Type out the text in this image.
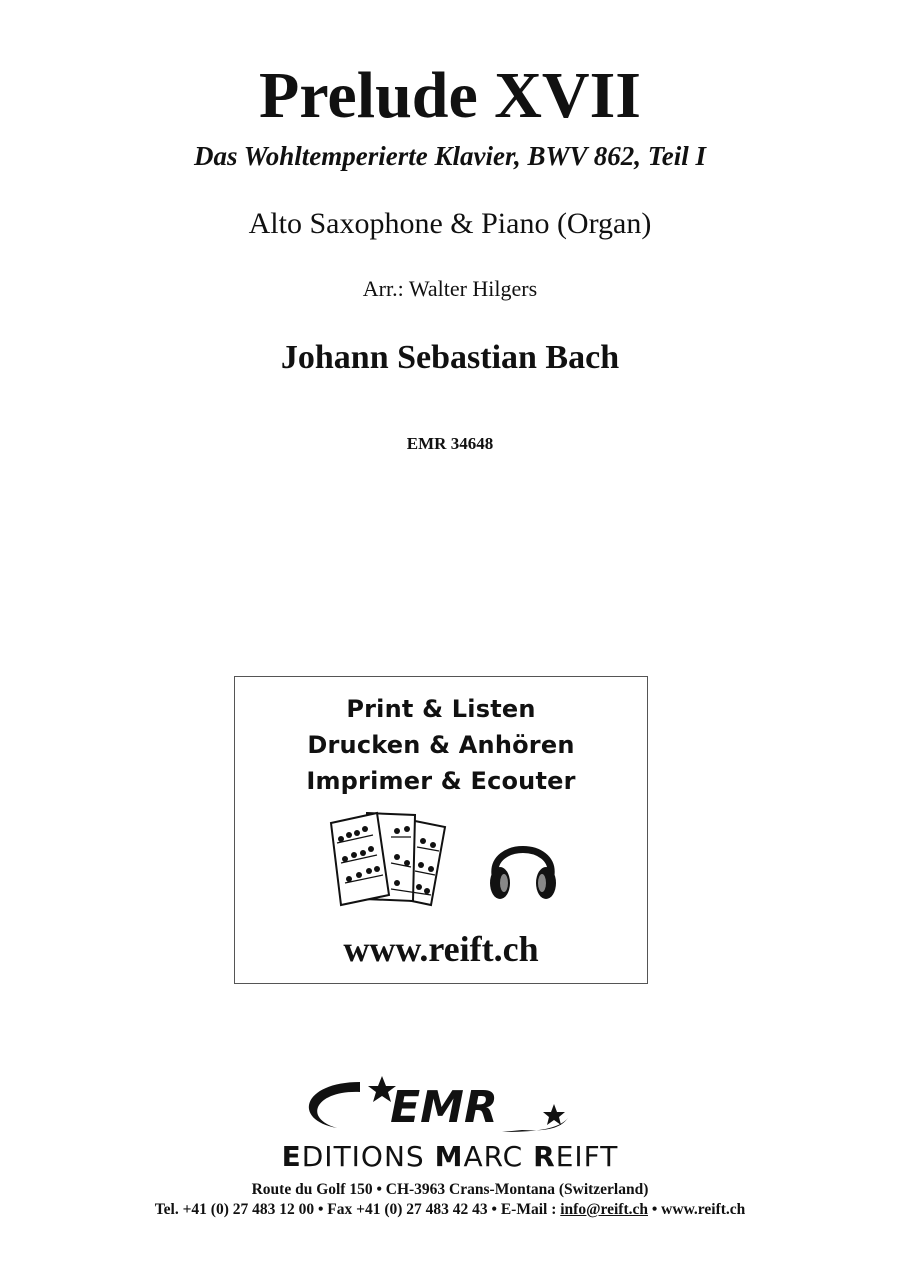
Prelude XVII
Das Wohltemperierte Klavier, BWV 862, Teil I
Alto Saxophone & Piano (Organ)
Arr.: Walter Hilgers
Johann Sebastian Bach
EMR 34648
Print & Listen
Drucken & Anhören
Imprimer & Ecouter
www.reift.ch
EMR
EDITIONS MARC REIFT
Route du Golf 150 • CH-3963 Crans-Montana (Switzerland)
Tel. +41 (0) 27 483 12 00 • Fax +41 (0) 27 483 42 43 • E-Mail : info@reift.ch • www.reift.ch
